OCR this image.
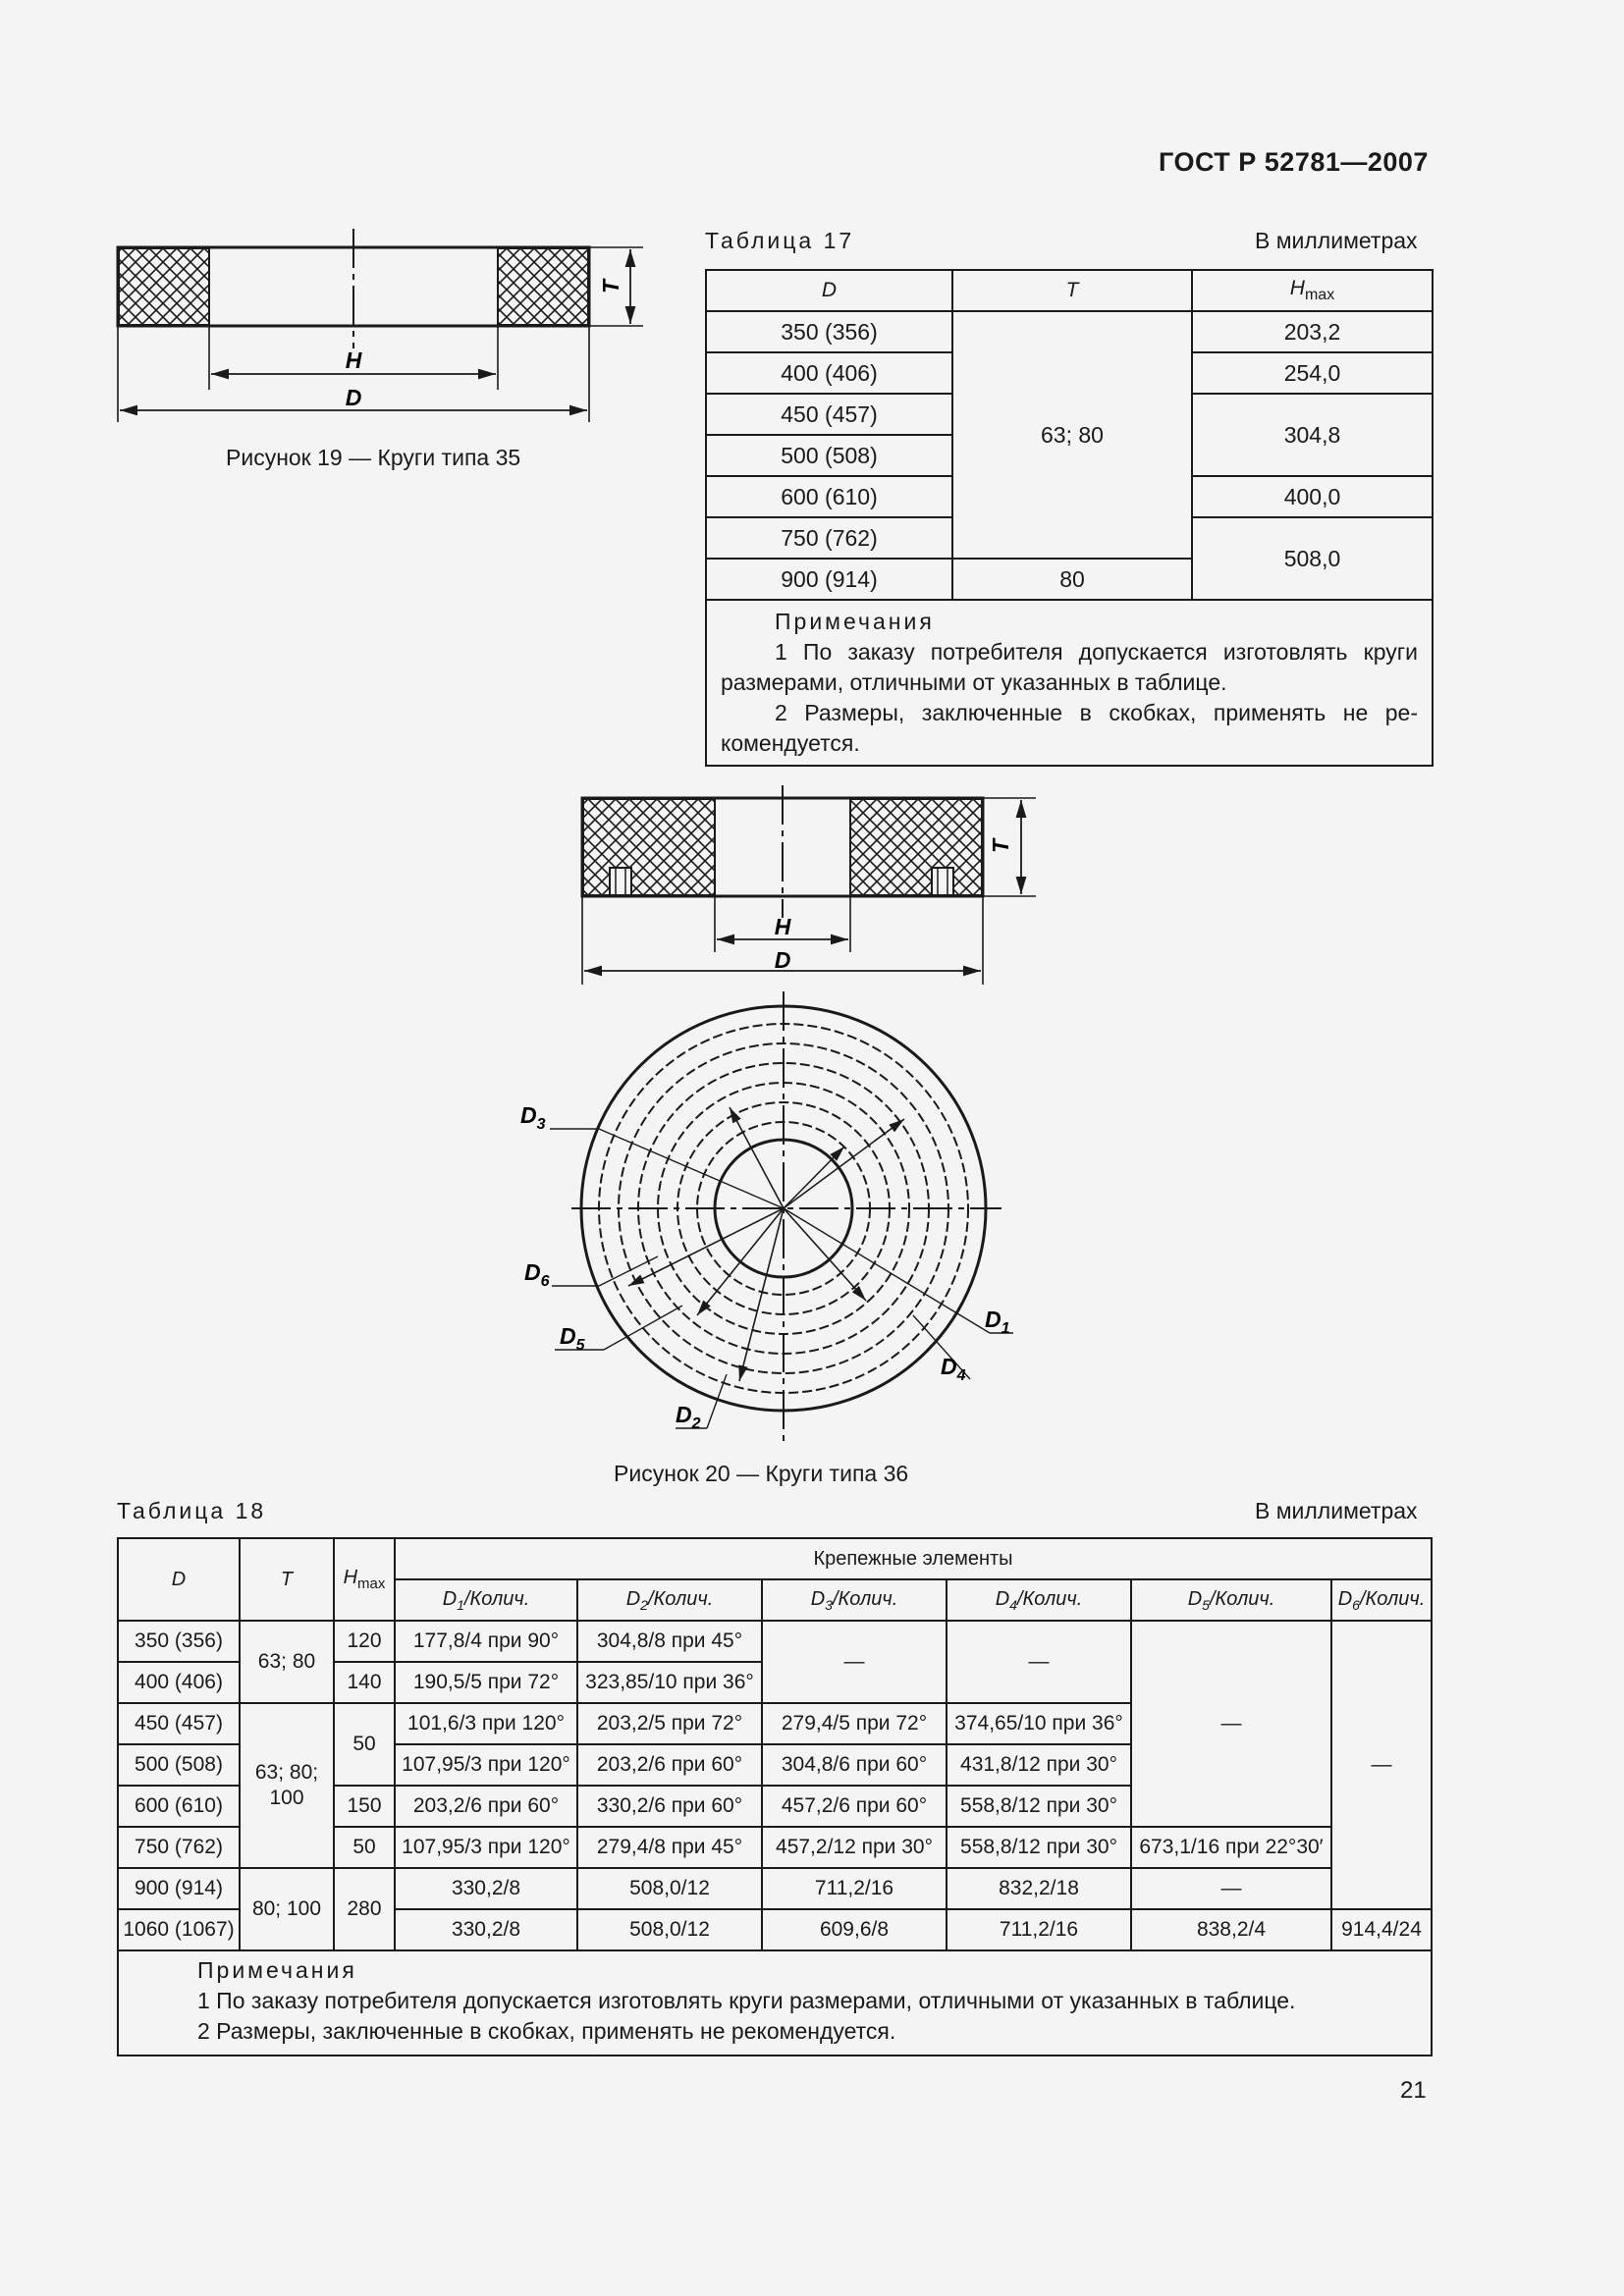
ГОСТ Р 52781—2007
H
D
T
Рисунок 19 — Круги типа 35
Таблица 17	В миллиметрах
D	T	$H_{max}$
350 (356)	63; 80	203,2
400 (406)		254,0
450 (457)		304,8
500 (508)		
600 (610)		400,0
750 (762)		508,0
900 (914)	80	

Примечания
1 По заказу потребителя допускается изготовлять круги размерами, отличными от указанных в таблице.
2 Размеры, заключенные в скобках, применять не ре-комендуется.		
H
D
T
$D_3$
$D_6$
$D_5$
$D_2$
$D_1$
$D_4$
Рисунок 20 — Круги типа 36
Таблица 18	В миллиметрах
D	T	$H_{max}$	Крепежные элементы					
			$D_1$/Колич.	$D_2$/Колич.	$D_3$/Колич.	$D_4$/Колич.	$D_5$/Колич.	$D_6$/Колич.
350 (356)	63; 80	120	177,8/4 при 90°	304,8/8 при 45°	—	—	—	—
400 (406)		140	190,5/5 при 72°	323,85/10 при 36°				
450 (457)	63; 80; 100	50	101,6/3 при 120°	203,2/5 при 72°	279,4/5 при 72°	374,65/10 при 36°		
500 (508)			107,95/3 при 120°	203,2/6 при 60°	304,8/6 при 60°	431,8/12 при 30°		
600 (610)		150	203,2/6 при 60°	330,2/6 при 60°	457,2/6 при 60°	558,8/12 при 30°		
750 (762)		50	107,95/3 при 120°	279,4/8 при 45°	457,2/12 при 30°	558,8/12 при 30°	673,1/16 при 22°30′	
900 (914)	80; 100	280	330,2/8	508,0/12	711,2/16	832,2/18	—	
1060 (1067)			330,2/8	508,0/12	609,6/8	711,2/16	838,2/4	914,4/24

Примечания
1 По заказу потребителя допускается изготовлять круги размерами, отличными от указанных в таблице.
2 Размеры, заключенные в скобках, применять не рекомендуется.								
21
